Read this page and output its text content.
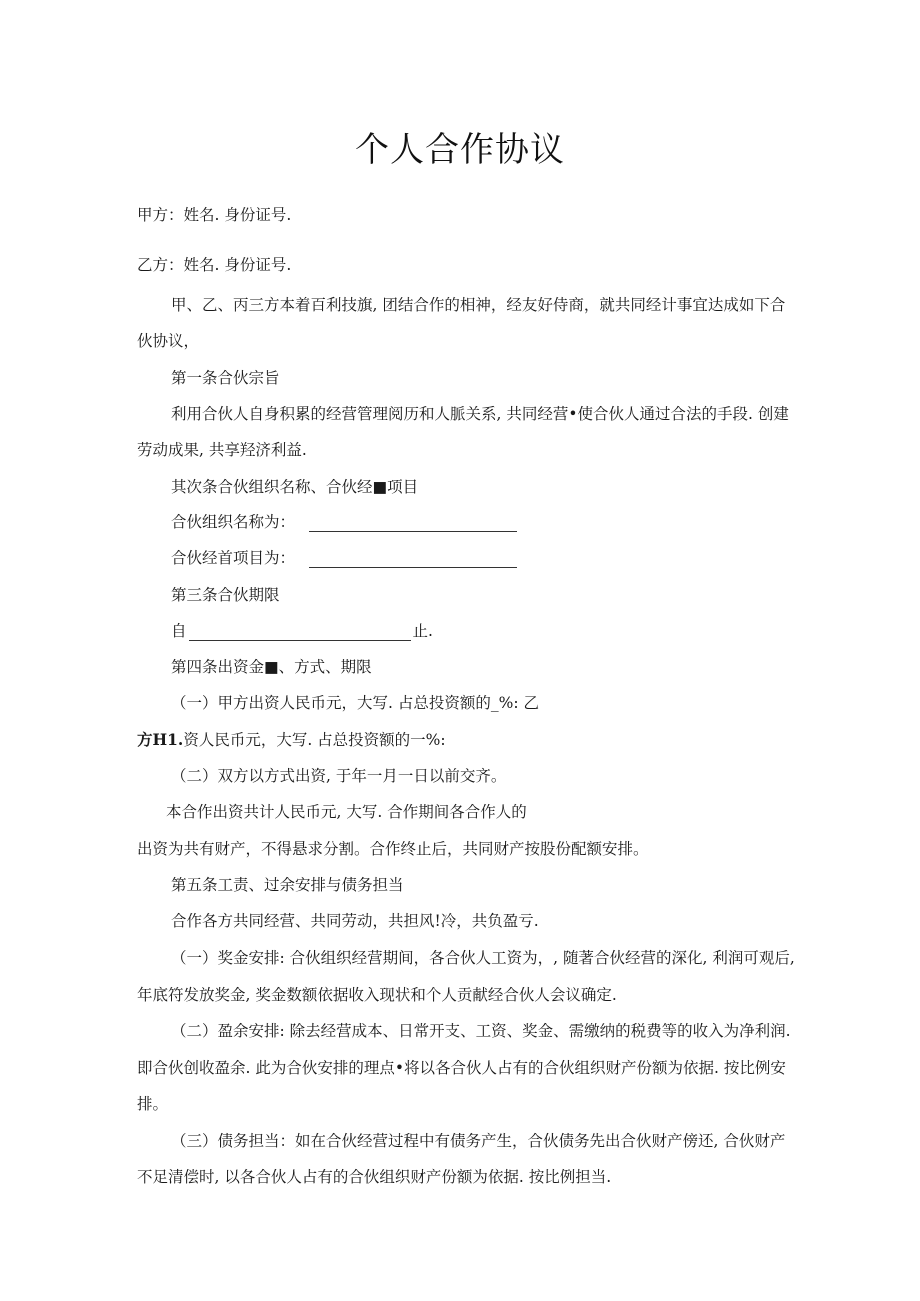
个人合作协议

甲方：姓名. 身份证号.

乙方：姓名. 身份证号.

甲、乙、丙三方本着百利技旗, 团结合作的相神，经友好侍商，就共同经计事宜达成如下合

伙协议，

第一条合伙宗旨

利用合伙人自身积累的经营管理阅历和人脈关系, 共同经营•使合伙人通过合法的手段. 创建

劳动成果, 共享羟济利益.

其次条合伙组织名称、合伙经■项目

合伙组织名称为：

合伙经首项目为：

第三条合伙期限

自	止.

第四条出资金■、方式、期限

（一）甲方出资人民币元，大写. 占总投资额的_%: 乙

方H1.资人民币元，大写. 占总投资额的一%:

（二）双方以方式出资, 于年一月一日以前交齐。

本合作出资共计人民币元, 大写. 合作期间各合作人的

出资为共有财产，不得悬求分割。合作终止后，共同财产按股份配额安排。

第五条工责、过余安排与债务担当

合作各方共同经营、共同劳动，共担风!冷，共负盈亏.

（一）奖金安排: 合伙组织经营期间，各合伙人工资为，, 随著合伙经营的深化, 利润可观后,

年底符发放奖金, 奖金数额依据收入现状和个人贡献经合伙人会议确定.

（二）盈余安排: 除去经营成本、日常开支、工资、奖金、需缴纳的税费等的收入为净利润.

即合伙创收盈余. 此为合伙安排的理点•将以各合伙人占有的合伙组织财产份额为依据. 按比例安

排。

（三）债务担当：如在合伙经营过程中有债务产生，合伙债务先出合伙财产傍还, 合伙财产

不足清偿时, 以各合伙人占有的合伙组织财产份额为依据. 按比例担当.
